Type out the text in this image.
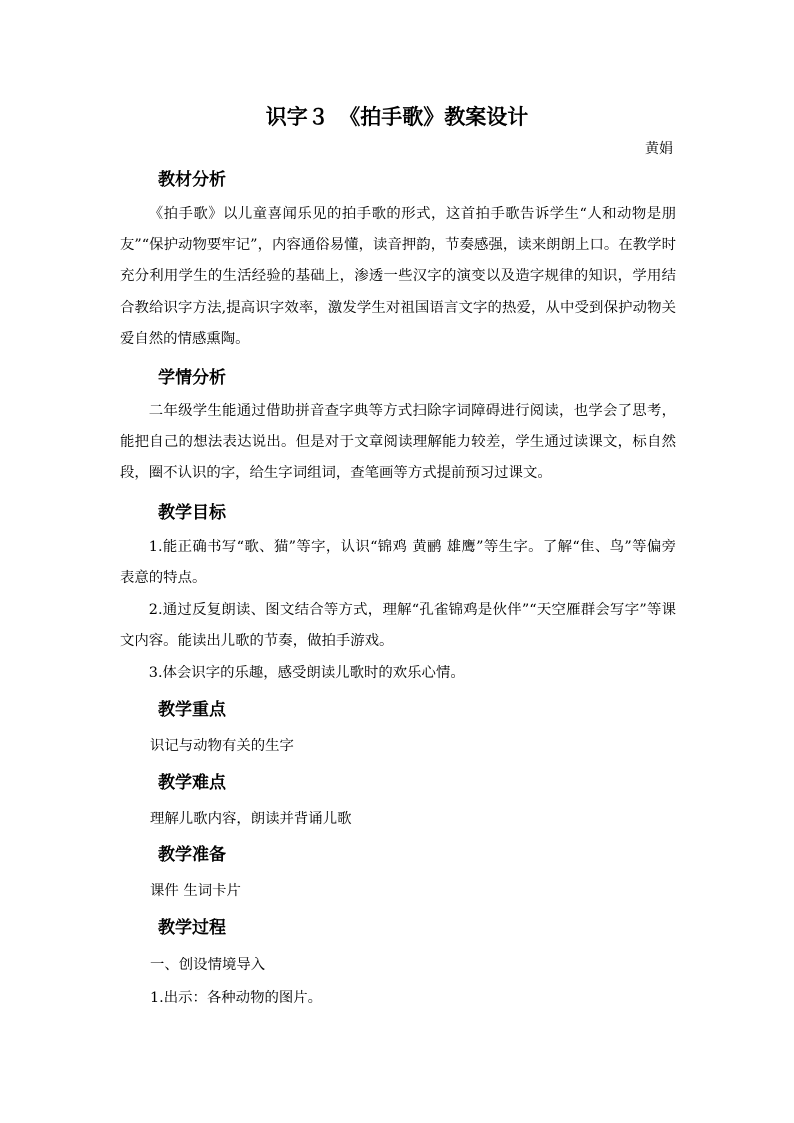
识字３　《拍手歌》教案设计
黄娟
教材分析
《拍手歌》以儿童喜闻乐见的拍手歌的形式，这首拍手歌告诉学生“人和动物是朋友”“保护动物要牢记”，内容通俗易懂，读音押韵，节奏感强，读来朗朗上口。在教学时充分利用学生的生活经验的基础上，渗透一些汉字的演变以及造字规律的知识，学用结合教给识字方法,提高识字效率，激发学生对祖国语言文字的热爱，从中受到保护动物关爱自然的情感熏陶。
学情分析
二年级学生能通过借助拼音查字典等方式扫除字词障碍进行阅读，也学会了思考，能把自己的想法表达说出。但是对于文章阅读理解能力较差，学生通过读课文，标自然段，圈不认识的字，给生字词组词，查笔画等方式提前预习过课文。
教学目标
1.能正确书写“歌、猫”等字，认识“锦鸡 黄鹂 雄鹰”等生字。了解“隹、鸟”等偏旁表意的特点。
2.通过反复朗读、图文结合等方式，理解“孔雀锦鸡是伙伴”“天空雁群会写字”等课文内容。能读出儿歌的节奏，做拍手游戏。
3.体会识字的乐趣，感受朗读儿歌时的欢乐心情。
教学重点
识记与动物有关的生字
教学难点
理解儿歌内容，朗读并背诵儿歌
教学准备
课件 生词卡片
教学过程
一、创设情境导入
1.出示：各种动物的图片。
